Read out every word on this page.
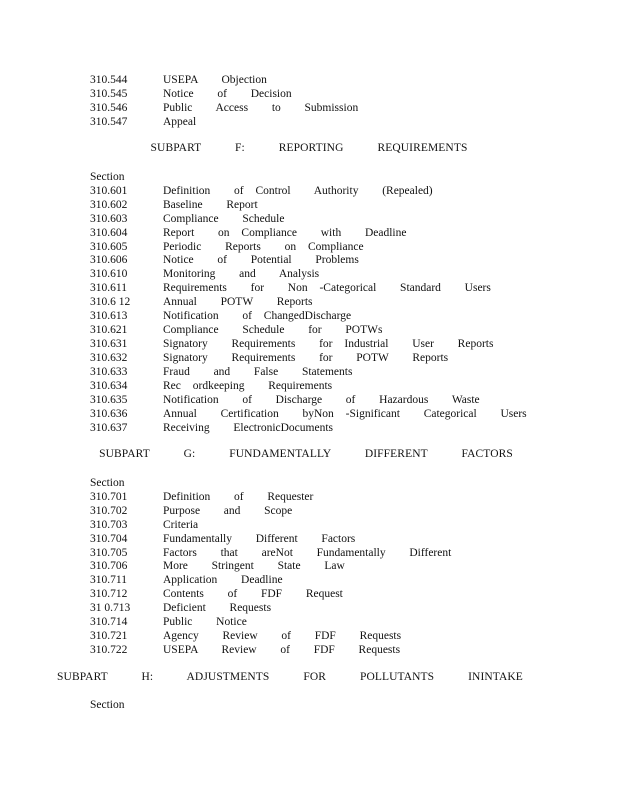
310.544	USEPA  Objection
310.545	Notice  of  Decision
310.546	Public  Access  to  Submission
310.547	Appeal
SUBPART  F:  REPORTING  REQUIREMENTS
Section
310.601	Definition  of Control  Authority  (Repealed)
310.602	Baseline  Report
310.603	Compliance  Schedule
310.604	Report  on Compliance  with  Deadline
310.605	Periodic  Reports  on Compliance
310.606	Notice  of  Potential  Problems
310.610	Monitoring  and  Analysis
310.611	Requirements  for  Non -Categorical  Standard  Users
310.6 12	Annual  POTW  Reports
310.613	Notification  of ChangedDischarge
310.621	Compliance  Schedule  for  POTWs
310.631	Signatory  Requirements  for Industrial  User  Reports
310.632	Signatory  Requirements  for  POTW  Reports
310.633	Fraud  and  False  Statements
310.634	Rec ordkeeping  Requirements
310.635	Notification  of  Discharge  of  Hazardous  Waste
310.636	Annual  Certification  byNon -Significant  Categorical  Users
310.637	Receiving  ElectronicDocuments
SUBPART  G:  FUNDAMENTALLY  DIFFERENT  FACTORS
Section
310.701	Definition  of  Requester
310.702	Purpose  and  Scope
310.703	Criteria
310.704	Fundamentally  Different  Factors
310.705	Factors  that  areNot  Fundamentally  Different
310.706	More  Stringent  State  Law
310.711	Application  Deadline
310.712	Contents  of  FDF  Request
31 0.713	Deficient  Requests
310.714	Public  Notice
310.721	Agency  Review  of  FDF  Requests
310.722	USEPA  Review  of  FDF  Requests
SUBPART  H:  ADJUSTMENTS  FOR  POLLUTANTS  ININTAKE
Section
